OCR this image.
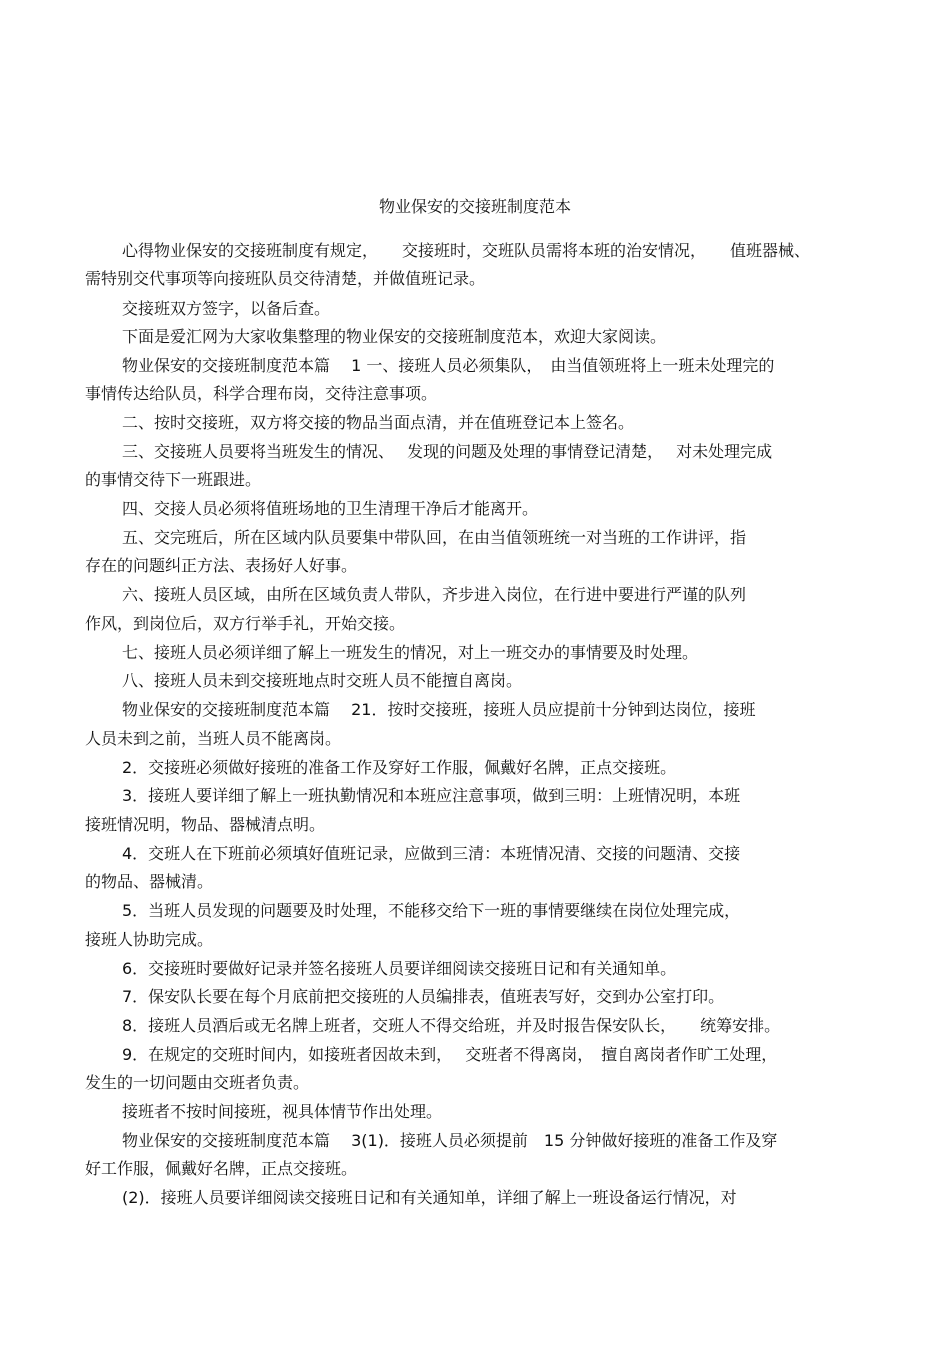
物业保安的交接班制度范本
心得物业保安的交接班制度有规定，　　交接班时，交班队员需将本班的治安情况，　　值班器械、
需特别交代事项等向接班队员交待清楚，并做值班记录。
交接班双方签字，以备后查。
下面是爱汇网为大家收集整理的物业保安的交接班制度范本，欢迎大家阅读。
物业保安的交接班制度范本篇　 1 一、接班人员必须集队，　由当值领班将上一班未处理完的
事情传达给队员，科学合理布岗，交待注意事项。
二、按时交接班，双方将交接的物品当面点清，并在值班登记本上签名。
三、交接班人员要将当班发生的情况、　 发现的问题及处理的事情登记清楚，　 对未处理完成
的事情交待下一班跟进。
四、交接人员必须将值班场地的卫生清理干净后才能离开。
五、交完班后，所在区域内队员要集中带队回，在由当值领班统一对当班的工作讲评，指
存在的问题纠正方法、表扬好人好事。
六、接班人员区域，由所在区域负责人带队，齐步进入岗位，在行进中要进行严谨的队列
作风，到岗位后，双方行举手礼，开始交接。
七、接班人员必须详细了解上一班发生的情况，对上一班交办的事情要及时处理。
八、接班人员未到交接班地点时交班人员不能擅自离岗。
物业保安的交接班制度范本篇　 21．按时交接班，接班人员应提前十分钟到达岗位，接班
人员未到之前，当班人员不能离岗。
2．交接班必须做好接班的准备工作及穿好工作服，佩戴好名牌，正点交接班。
3．接班人要详细了解上一班执勤情况和本班应注意事项，做到三明：上班情况明，本班
接班情况明，物品、器械清点明。
4．交班人在下班前必须填好值班记录，应做到三清：本班情况清、交接的问题清、交接
的物品、器械清。
5．当班人员发现的问题要及时处理，不能移交给下一班的事情要继续在岗位处理完成，
接班人协助完成。
6．交接班时要做好记录并签名接班人员要详细阅读交接班日记和有关通知单。
7．保安队长要在每个月底前把交接班的人员编排表，值班表写好，交到办公室打印。
8．接班人员酒后或无名牌上班者，交班人不得交给班，并及时报告保安队长，　　统筹安排。
9．在规定的交班时间内，如接班者因故未到，　 交班者不得离岗，　擅自离岗者作旷工处理，
发生的一切问题由交班者负责。
接班者不按时间接班，视具体情节作出处理。
物业保安的交接班制度范本篇　 3(1)．接班人员必须提前　15 分钟做好接班的准备工作及穿
好工作服，佩戴好名牌，正点交接班。
(2)．接班人员要详细阅读交接班日记和有关通知单，详细了解上一班设备运行情况，对
